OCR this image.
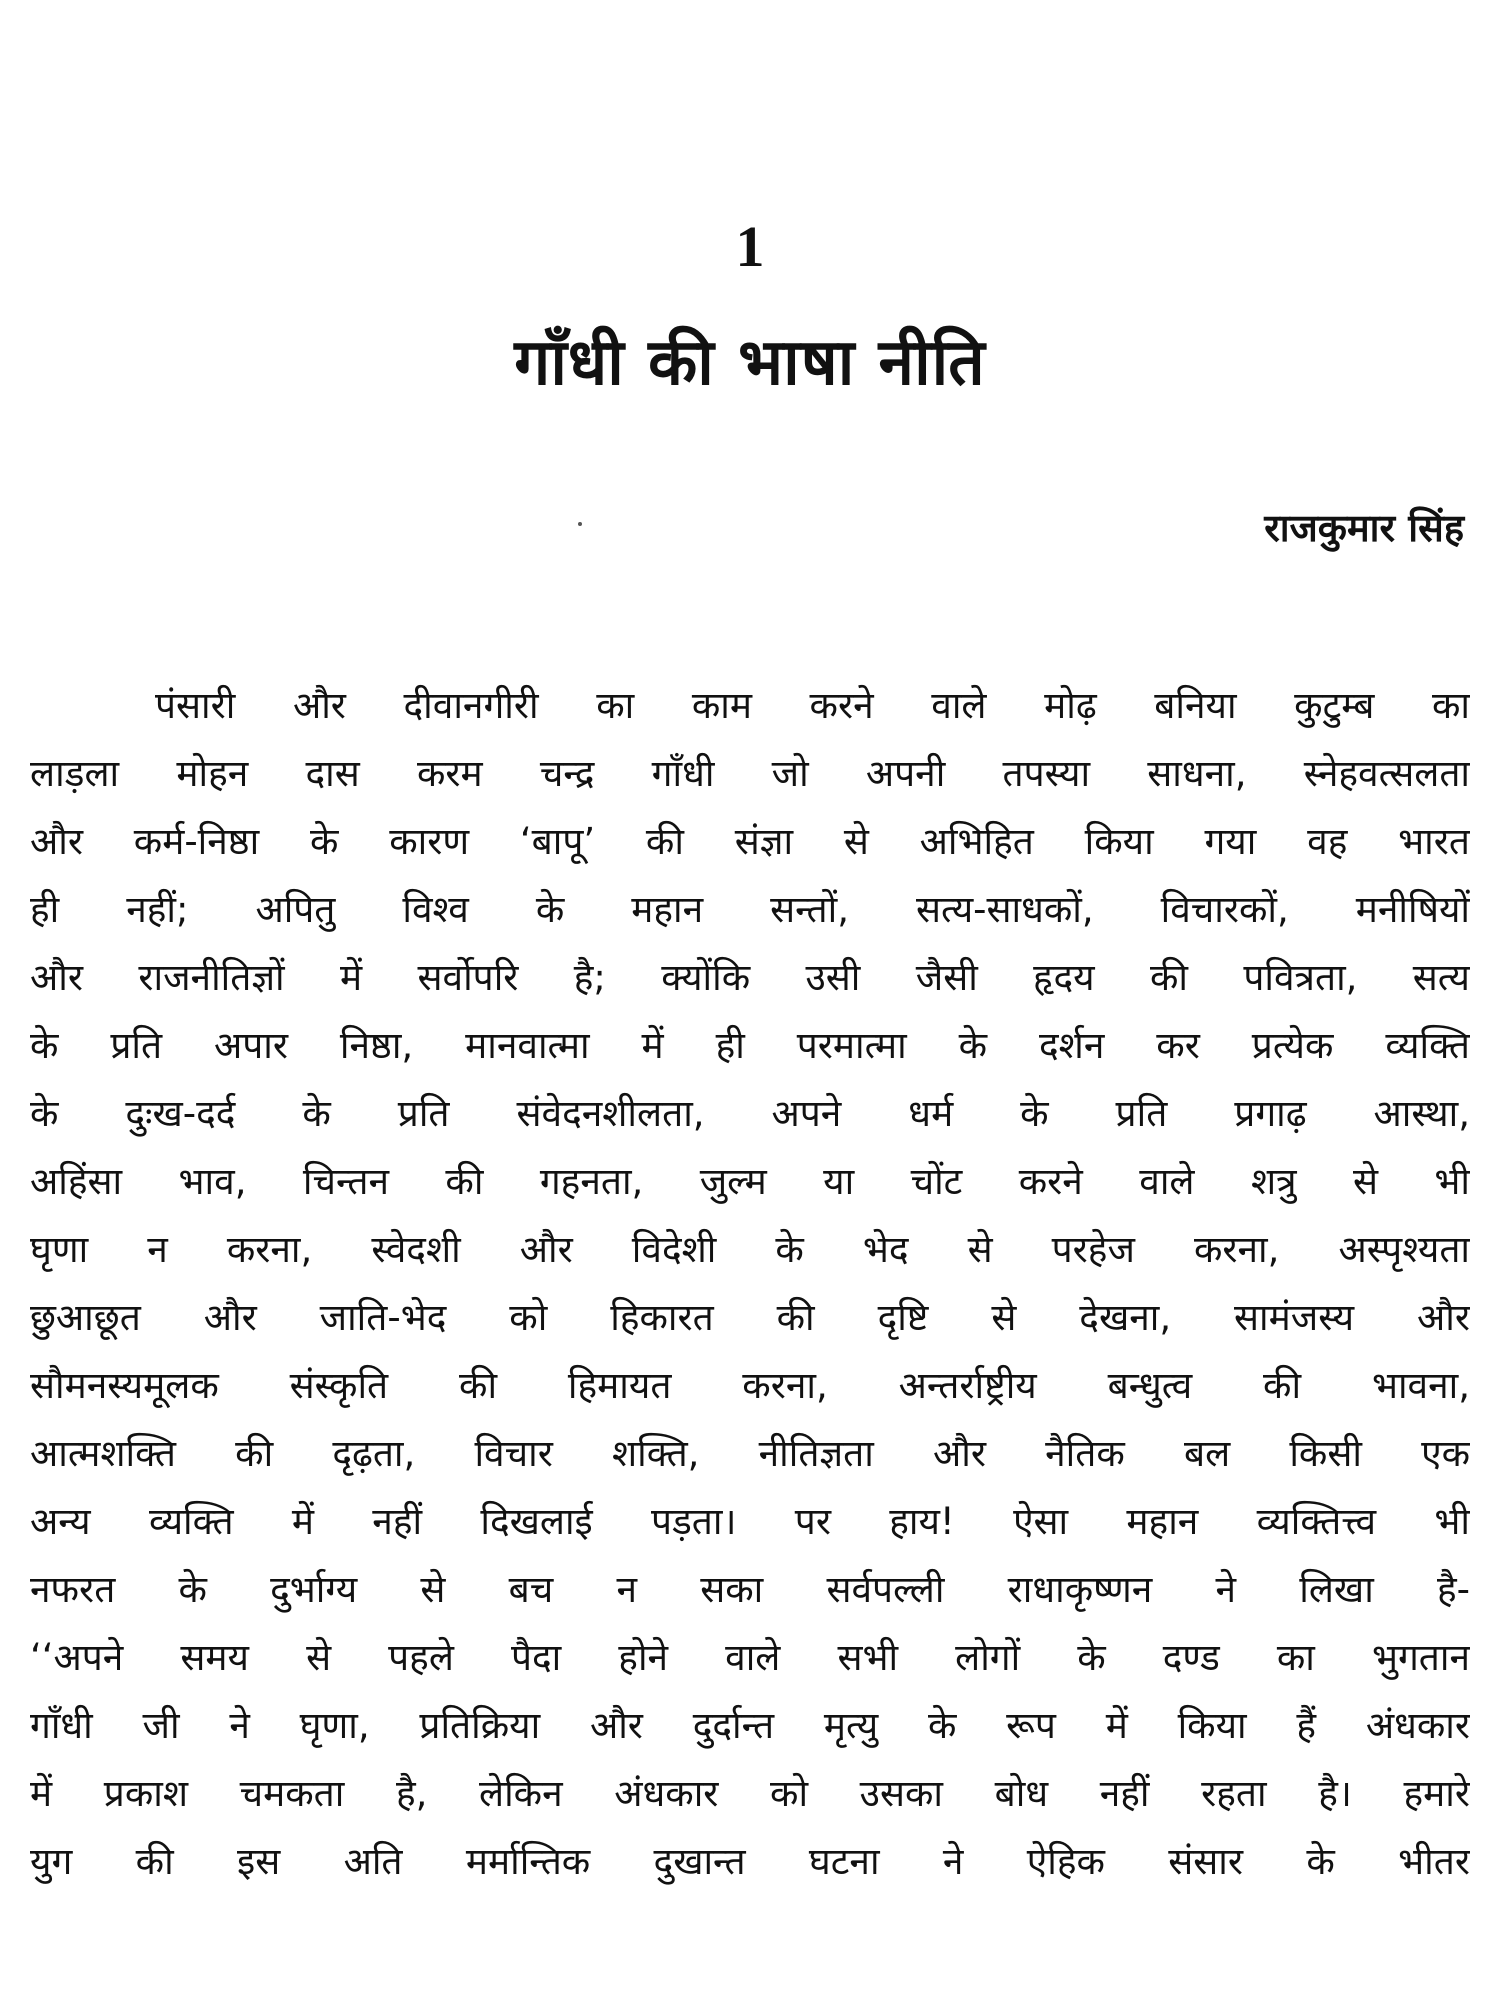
1
गाँधी की भाषा नीति

राजकुमार सिंह

पंसारी और दीवानगीरी का काम करने वाले मोढ़ बनिया कुटुम्ब का
लाड़ला मोहन दास करम चन्द्र गाँधी जो अपनी तपस्या साधना, स्नेहवत्सलता
और कर्म-निष्ठा के कारण ‘बापू’ की संज्ञा से अभिहित किया गया वह भारत
ही नहीं; अपितु विश्व के महान सन्तों, सत्य-साधकों, विचारकों, मनीषियों
और राजनीतिज्ञों में सर्वोपरि है; क्योंकि उसी जैसी हृदय की पवित्रता, सत्य
के प्रति अपार निष्ठा, मानवात्मा में ही परमात्मा के दर्शन कर प्रत्येक व्यक्ति
के दुःख-दर्द के प्रति संवेदनशीलता, अपने धर्म के प्रति प्रगाढ़ आस्था,
अहिंसा भाव, चिन्तन की गहनता, जुल्म या चोंट करने वाले शत्रु से भी
घृणा न करना, स्वेदशी और विदेशी के भेद से परहेज करना, अस्पृश्यता
छुआछूत और जाति-भेद को हिकारत की दृष्टि से देखना, सामंजस्य और
सौमनस्यमूलक संस्कृति की हिमायत करना, अन्तर्राष्ट्रीय बन्धुत्व की भावना,
आत्मशक्ति की दृढ़ता, विचार शक्ति, नीतिज्ञता और नैतिक बल किसी एक
अन्य व्यक्ति में नहीं दिखलाई पड़ता। पर हाय! ऐसा महान व्यक्तित्त्व भी
नफरत के दुर्भाग्य से बच न सका सर्वपल्ली राधाकृष्णन ने लिखा है-
‘‘अपने समय से पहले पैदा होने वाले सभी लोगों के दण्ड का भुगतान
गाँधी जी ने घृणा, प्रतिक्रिया और दुर्दान्त मृत्यु के रूप में किया हैं अंधकार
में प्रकाश चमकता है, लेकिन अंधकार को उसका बोध नहीं रहता है। हमारे
युग की इस अति मर्मान्तिक दुखान्त घटना ने ऐहिक संसार के भीतर
